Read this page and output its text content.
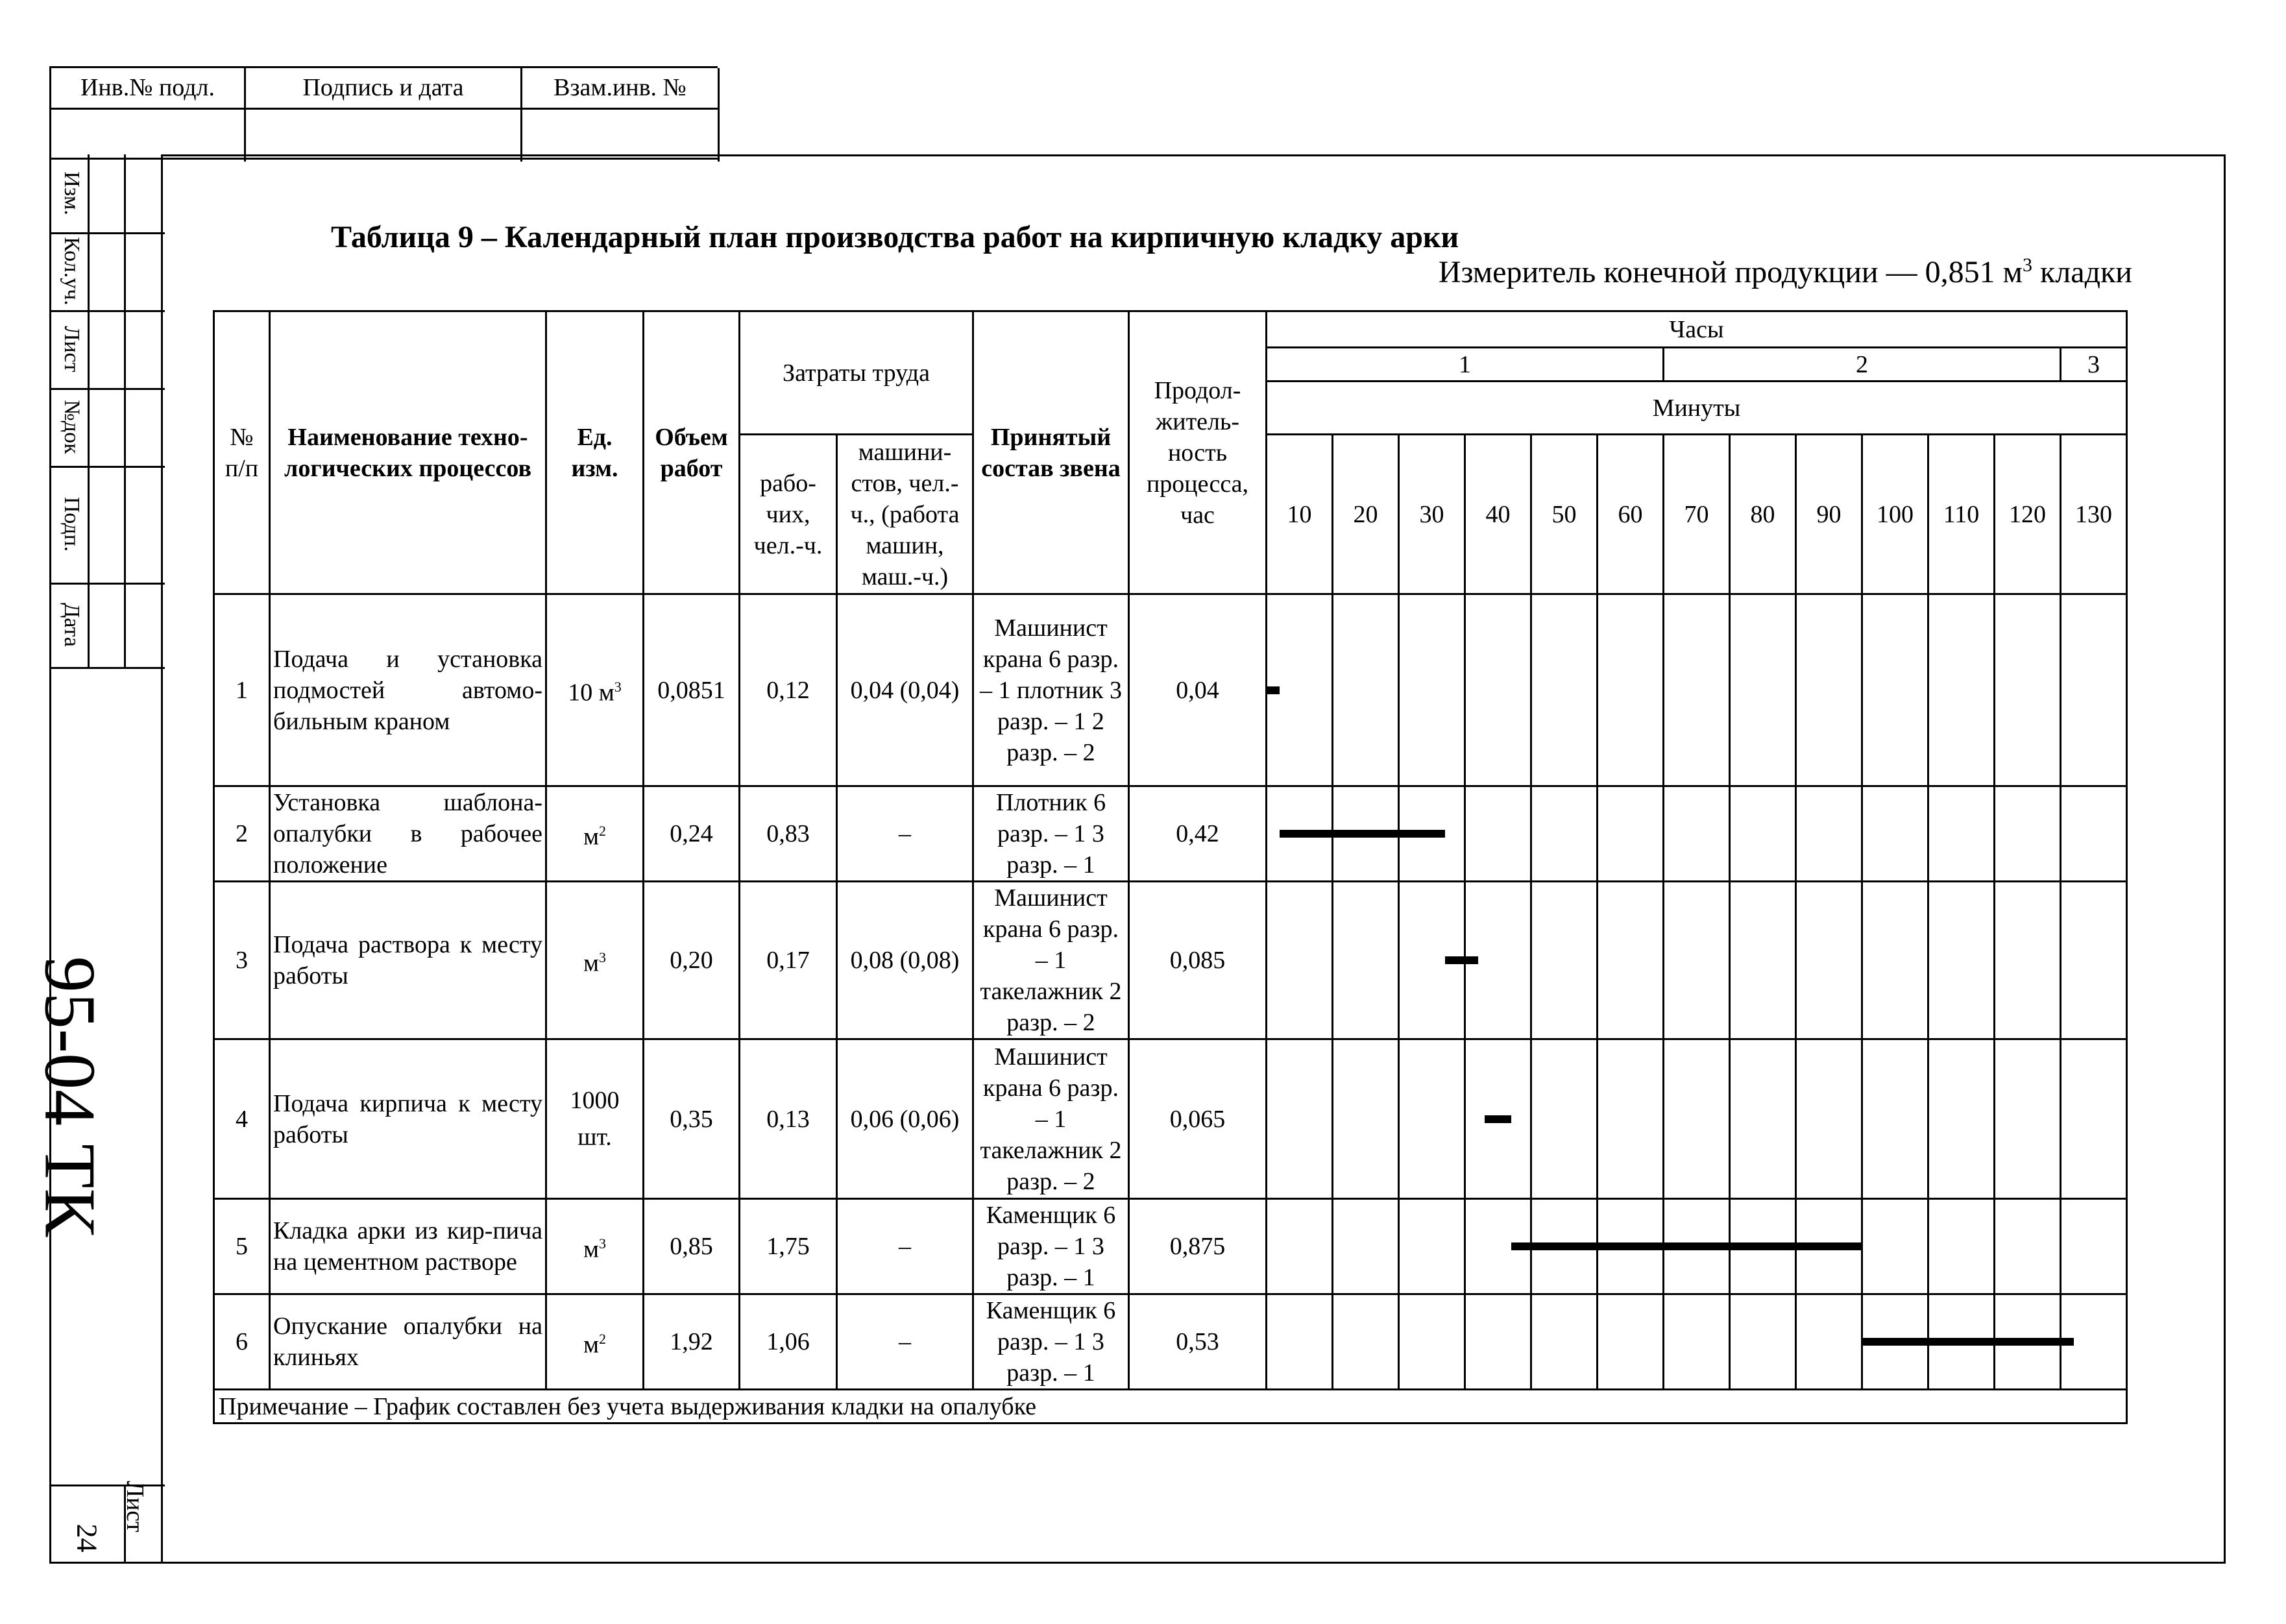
Инв.№ подл.	Подпись и дата	Взам.инв. №
Изм.
Кол.уч.
Лист
№док
Подп.
Дата
95-04 ТК
Лист
24
Таблица 9 – Календарный план производства работ на кирпичную кладку арки
Измеритель конечной продукции — 0,851 $м^3$ кладки
№ п/п	Наименование техно-логических процессов	Ед. изм.	Объем работ	Затраты труда		Принятый состав звена	Продол-житель-ность процесса, час	Часы												
								1						2						3
								Минуты												
				рабо-чих, чел.-ч.	машини-стов, чел.-ч., (работа машин, маш.-ч.)			10	20	30	40	50	60	70	80	90	100	110	120	130
1	Подача и установка подмостей автомо-бильным краном	10 $м^3$	0,0851	0,12	0,04 (0,04)	Машинист крана 6 разр. – 1 плотник 3 разр. – 1 2 разр. – 2	0,04													
2	Установка шаблона-опалубки в рабочее положение	$м^2$	0,24	0,83	–	Плотник 6 разр. – 1 3 разр. – 1	0,42													
3	Подача раствора к месту работы	$м^3$	0,20	0,17	0,08 (0,08)	Машинист крана 6 разр. – 1 такелажник 2 разр. – 2	0,085													
4	Подача кирпича к месту работы	1000 шт.	0,35	0,13	0,06 (0,06)	Машинист крана 6 разр. – 1 такелажник 2 разр. – 2	0,065													
5	Кладка арки из кир-пича на цементном растворе	$м^3$	0,85	1,75	–	Каменщик 6 разр. – 1 3 разр. – 1	0,875													
6	Опускание опалубки на клиньях	$м^2$	1,92	1,06	–	Каменщик 6 разр. – 1 3 разр. – 1	0,53													
Примечание – График составлен без учета выдерживания кладки на опалубке																				
